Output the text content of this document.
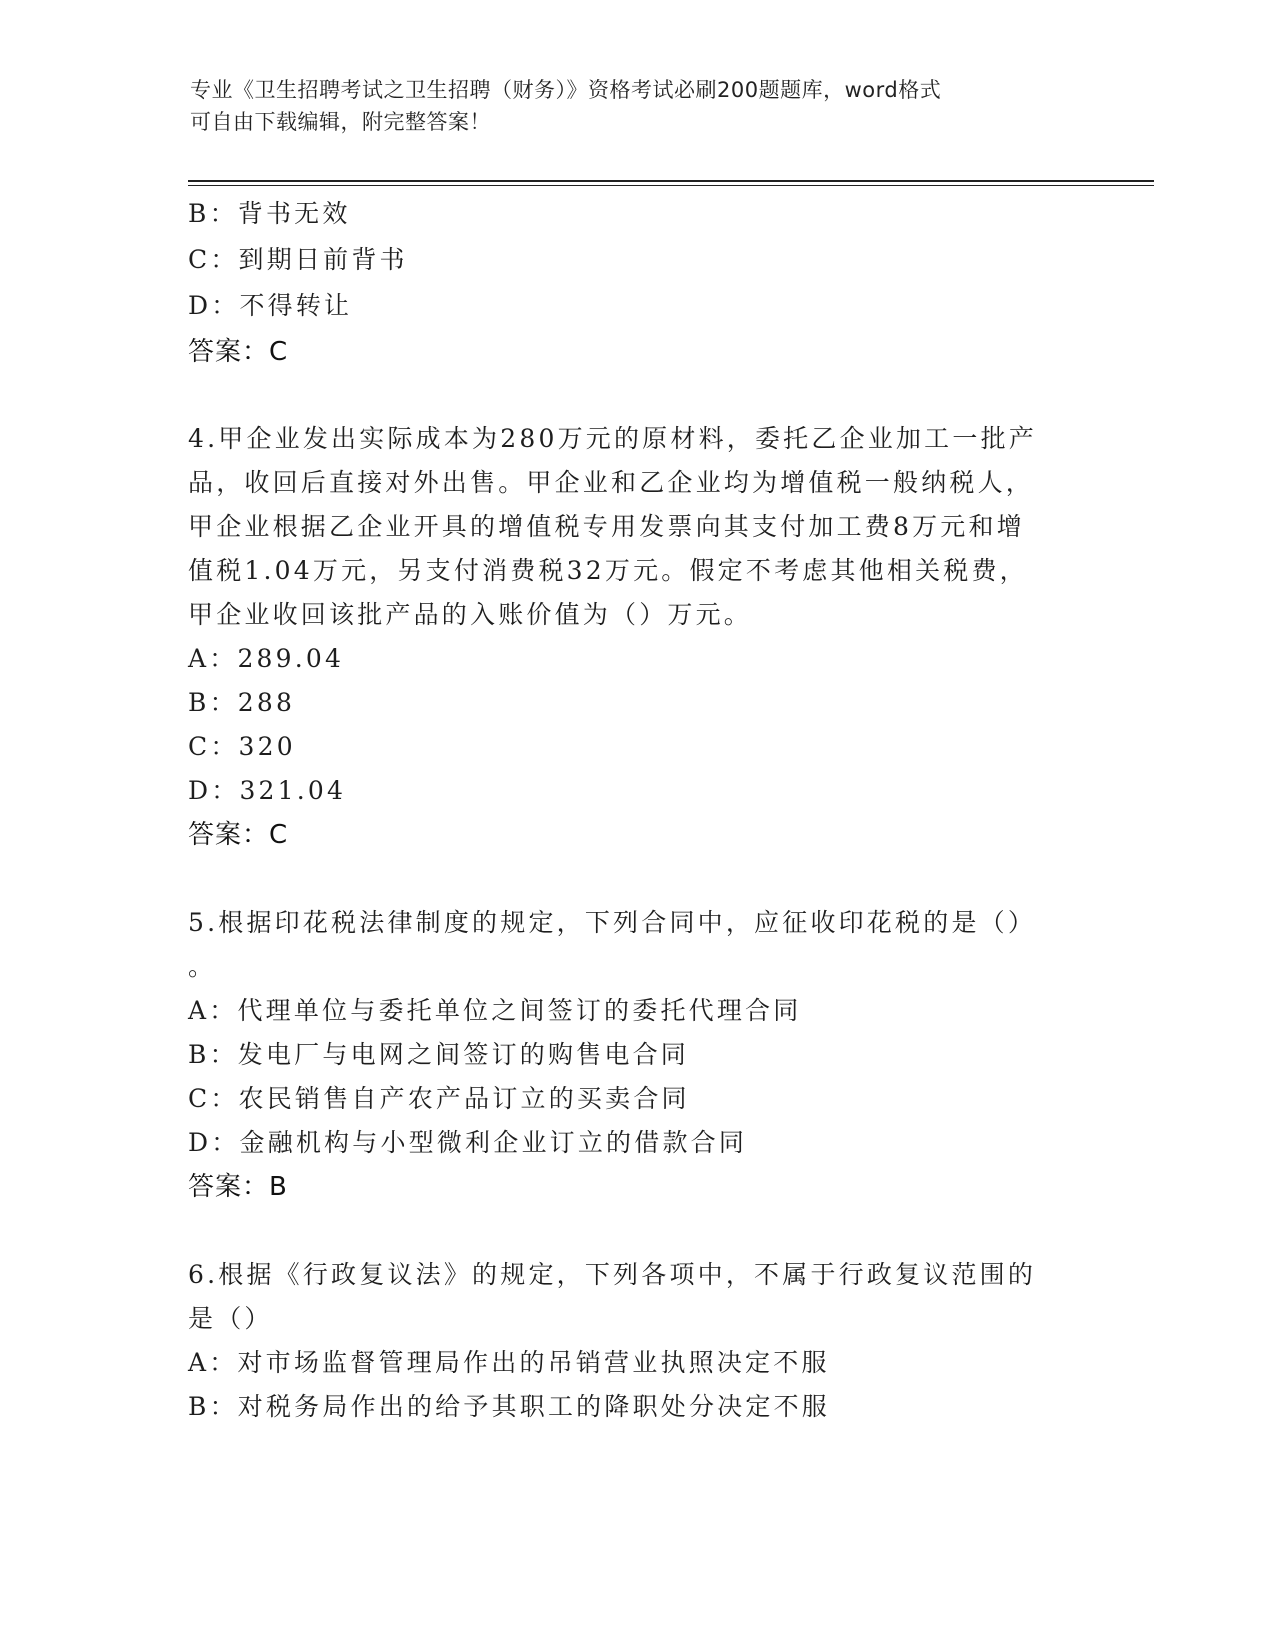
专业《卫生招聘考试之卫生招聘（财务）》资格考试必刷200题题库，word格式
可自由下载编辑，附完整答案！
B：背书无效
C：到期日前背书
D：不得转让
答案：C
4.甲企业发出实际成本为280万元的原材料，委托乙企业加工一批产
品，收回后直接对外出售。甲企业和乙企业均为增值税一般纳税人，
甲企业根据乙企业开具的增值税专用发票向其支付加工费8万元和增
值税1.04万元，另支付消费税32万元。假定不考虑其他相关税费，
甲企业收回该批产品的入账价值为（）万元。
A：289.04
B：288
C：320
D：321.04
答案：C
5.根据印花税法律制度的规定，下列合同中，应征收印花税的是（）
。
A：代理单位与委托单位之间签订的委托代理合同
B：发电厂与电网之间签订的购售电合同
C：农民销售自产农产品订立的买卖合同
D：金融机构与小型微利企业订立的借款合同
答案：B
6.根据《行政复议法》的规定，下列各项中，不属于行政复议范围的
是（）
A：对市场监督管理局作出的吊销营业执照决定不服
B：对税务局作出的给予其职工的降职处分决定不服
